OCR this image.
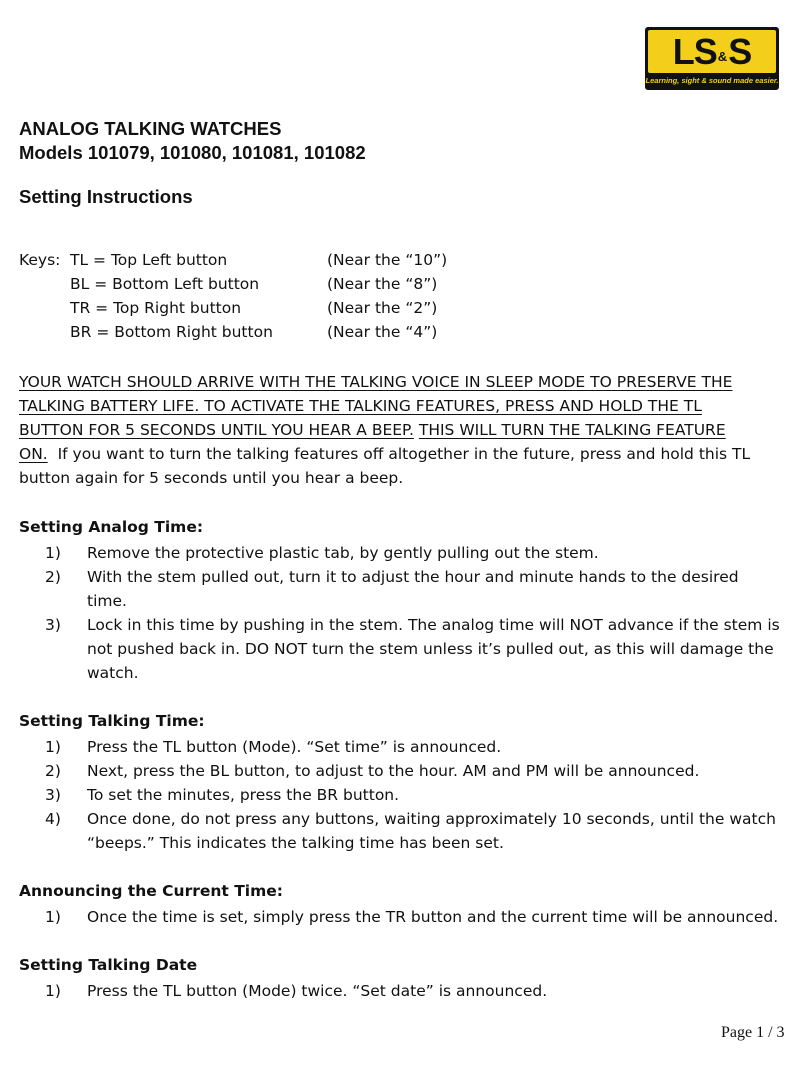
LS & S
Learning, sight & sound made easier.
ANALOG TALKING WATCHES
Models 101079, 101080, 101081, 101082
Setting Instructions
Keys: TL = Top Left button	(Near the “10”)
BL = Bottom Left button	(Near the “8”)
TR = Top Right button	(Near the “2”)
BR = Bottom Right button	(Near the “4”)
YOUR WATCH SHOULD ARRIVE WITH THE TALKING VOICE IN SLEEP MODE TO PRESERVE THE
TALKING BATTERY LIFE. TO ACTIVATE THE TALKING FEATURES, PRESS AND HOLD THE TL
BUTTON FOR 5 SECONDS UNTIL YOU HEAR A BEEP. THIS WILL TURN THE TALKING FEATURE
ON.  If you want to turn the talking features off altogether in the future, press and hold this TL
button again for 5 seconds until you hear a beep.
Setting Analog Time:
1) Remove the protective plastic tab, by gently pulling out the stem.
2) With the stem pulled out, turn it to adjust the hour and minute hands to the desired
time.
3) Lock in this time by pushing in the stem. The analog time will NOT advance if the stem is
not pushed back in. DO NOT turn the stem unless it’s pulled out, as this will damage the
watch.
Setting Talking Time:
1) Press the TL button (Mode). “Set time” is announced.
2) Next, press the BL button, to adjust to the hour. AM and PM will be announced.
3) To set the minutes, press the BR button.
4) Once done, do not press any buttons, waiting approximately 10 seconds, until the watch
“beeps.” This indicates the talking time has been set.
Announcing the Current Time:
1) Once the time is set, simply press the TR button and the current time will be announced.
Setting Talking Date
1) Press the TL button (Mode) twice. “Set date” is announced.
Page 1 / 3
